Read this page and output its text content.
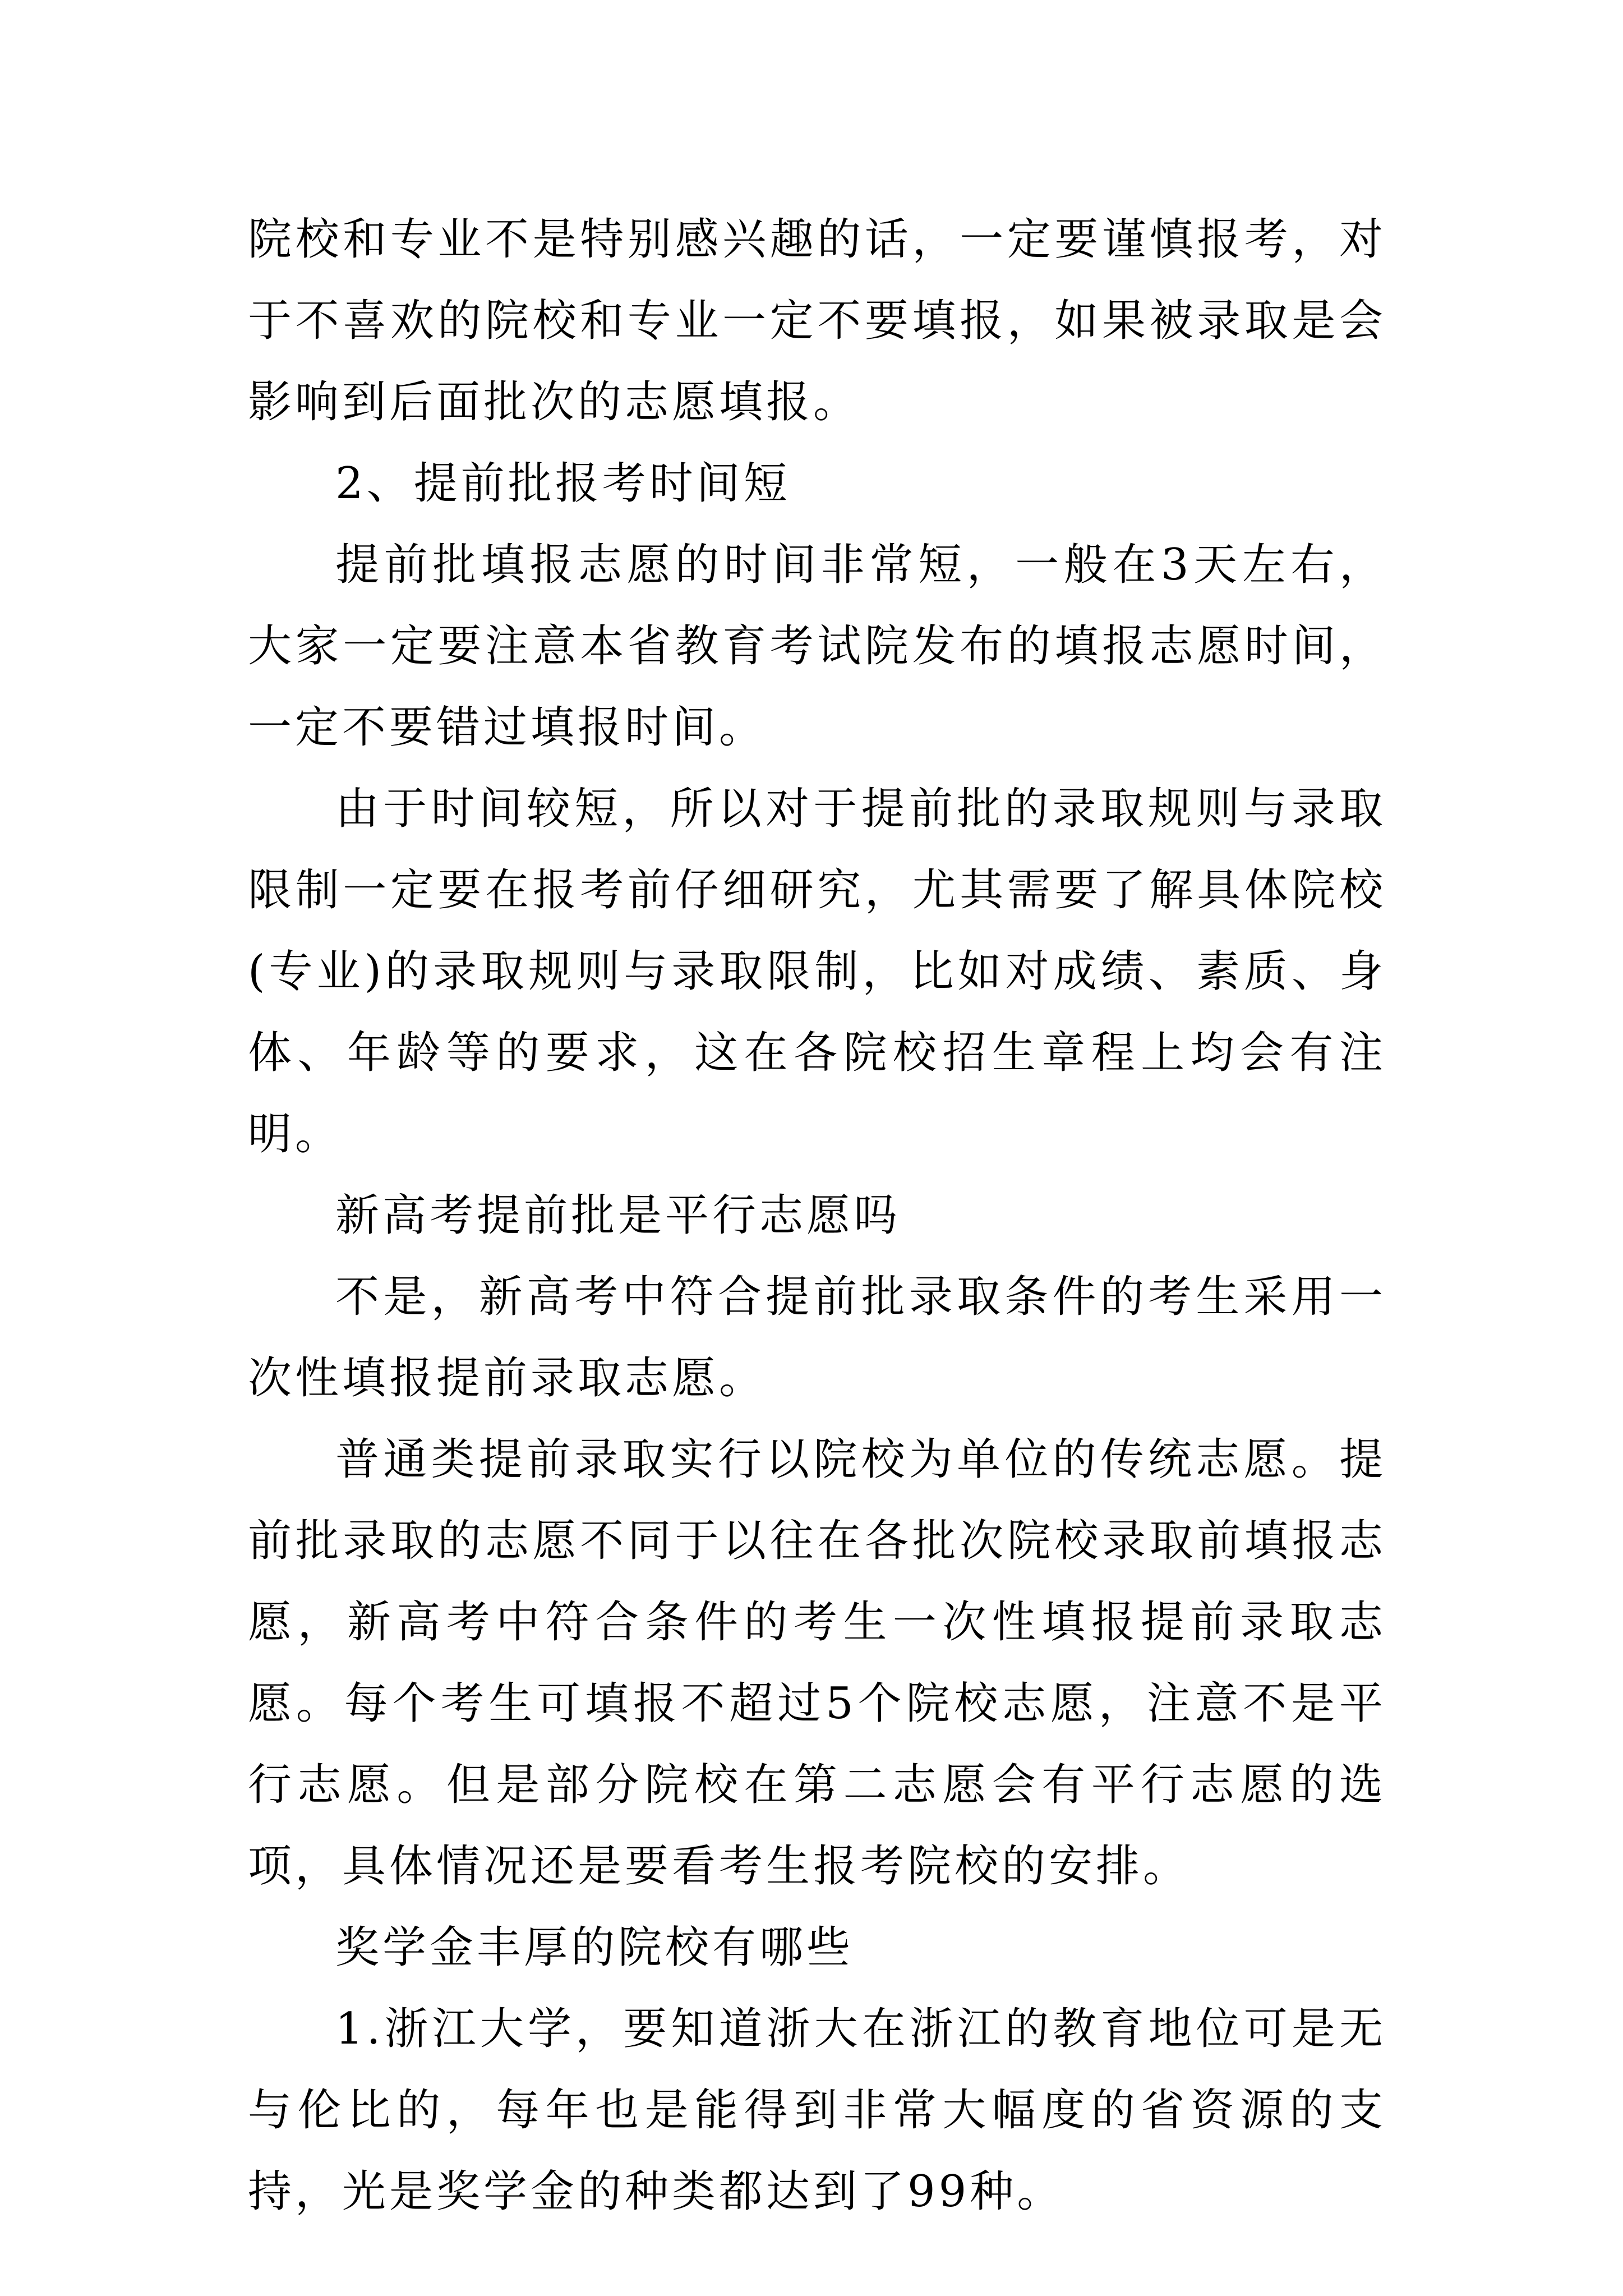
院校和专业不是特别感兴趣的话，一定要谨慎报考，对于不喜欢的院校和专业一定不要填报，如果被录取是会影响到后面批次的志愿填报。

2、提前批报考时间短

提前批填报志愿的时间非常短，一般在3天左右，大家一定要注意本省教育考试院发布的填报志愿时间，一定不要错过填报时间。

由于时间较短，所以对于提前批的录取规则与录取限制一定要在报考前仔细研究，尤其需要了解具体院校(专业)的录取规则与录取限制，比如对成绩、素质、身体、年龄等的要求，这在各院校招生章程上均会有注明。

新高考提前批是平行志愿吗

不是，新高考中符合提前批录取条件的考生采用一次性填报提前录取志愿。

普通类提前录取实行以院校为单位的传统志愿。提前批录取的志愿不同于以往在各批次院校录取前填报志愿，新高考中符合条件的考生一次性填报提前录取志愿。每个考生可填报不超过5个院校志愿，注意不是平行志愿。但是部分院校在第二志愿会有平行志愿的选项，具体情况还是要看考生报考院校的安排。

奖学金丰厚的院校有哪些

1.浙江大学，要知道浙大在浙江的教育地位可是无与伦比的，每年也是能得到非常大幅度的省资源的支持，光是奖学金的种类都达到了99种。
